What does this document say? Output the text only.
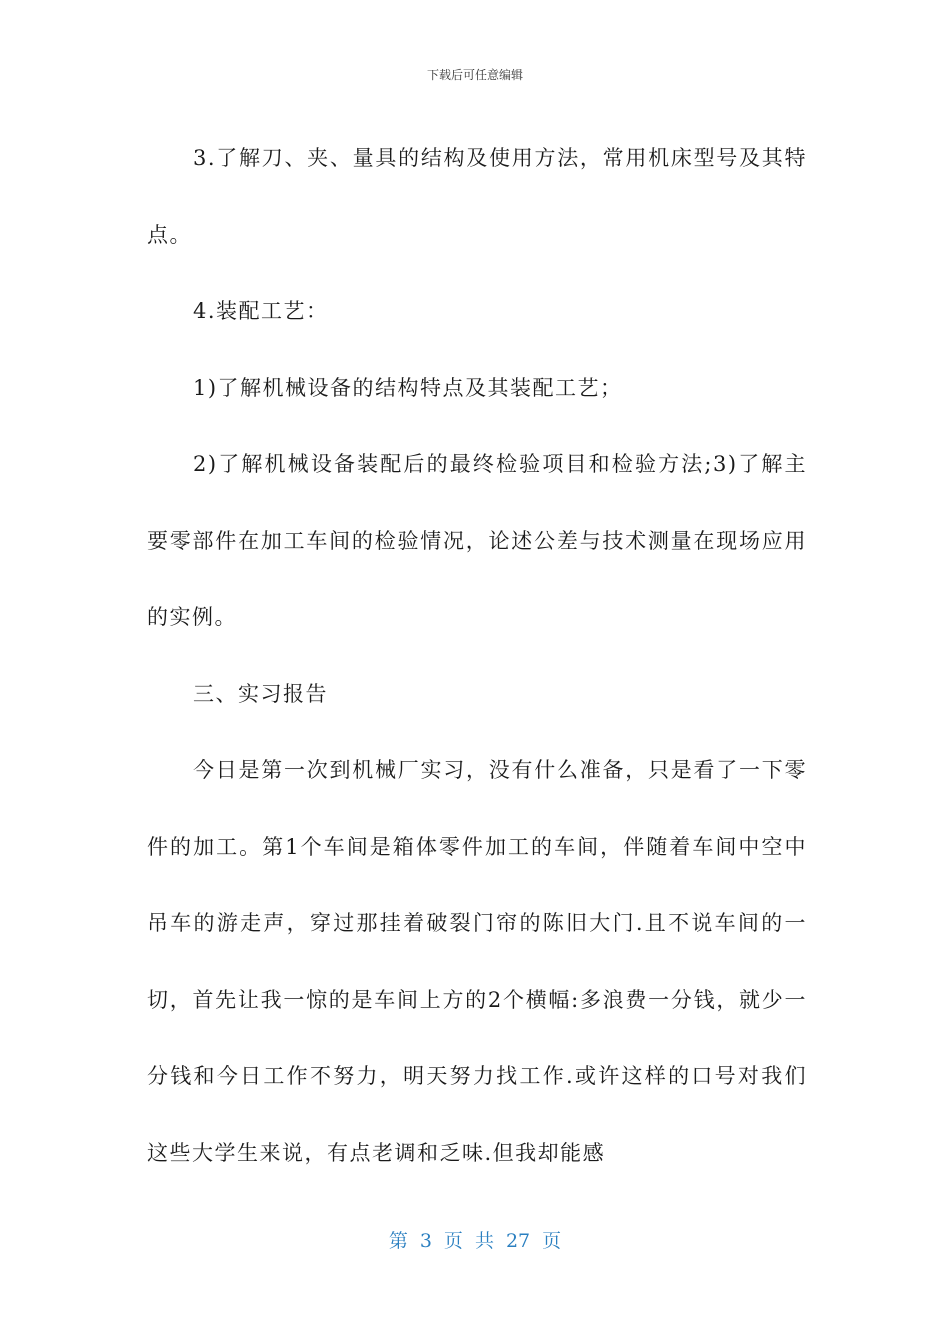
下载后可任意编辑

3.了解刀、夹、量具的结构及使用方法，常用机床型号及其特点。

4.装配工艺：

1)了解机械设备的结构特点及其装配工艺；

2)了解机械设备装配后的最终检验项目和检验方法;3)了解主要零部件在加工车间的检验情况，论述公差与技术测量在现场应用的实例。

三、实习报告

今日是第一次到机械厂实习，没有什么准备，只是看了一下零件的加工。第1个车间是箱体零件加工的车间，伴随着车间中空中吊车的游走声，穿过那挂着破裂门帘的陈旧大门.且不说车间的一切，首先让我一惊的是车间上方的2个横幅:多浪费一分钱，就少一分钱和今日工作不努力，明天努力找工作.或许这样的口号对我们这些大学生来说，有点老调和乏味.但我却能感

第 3 页 共 27 页
